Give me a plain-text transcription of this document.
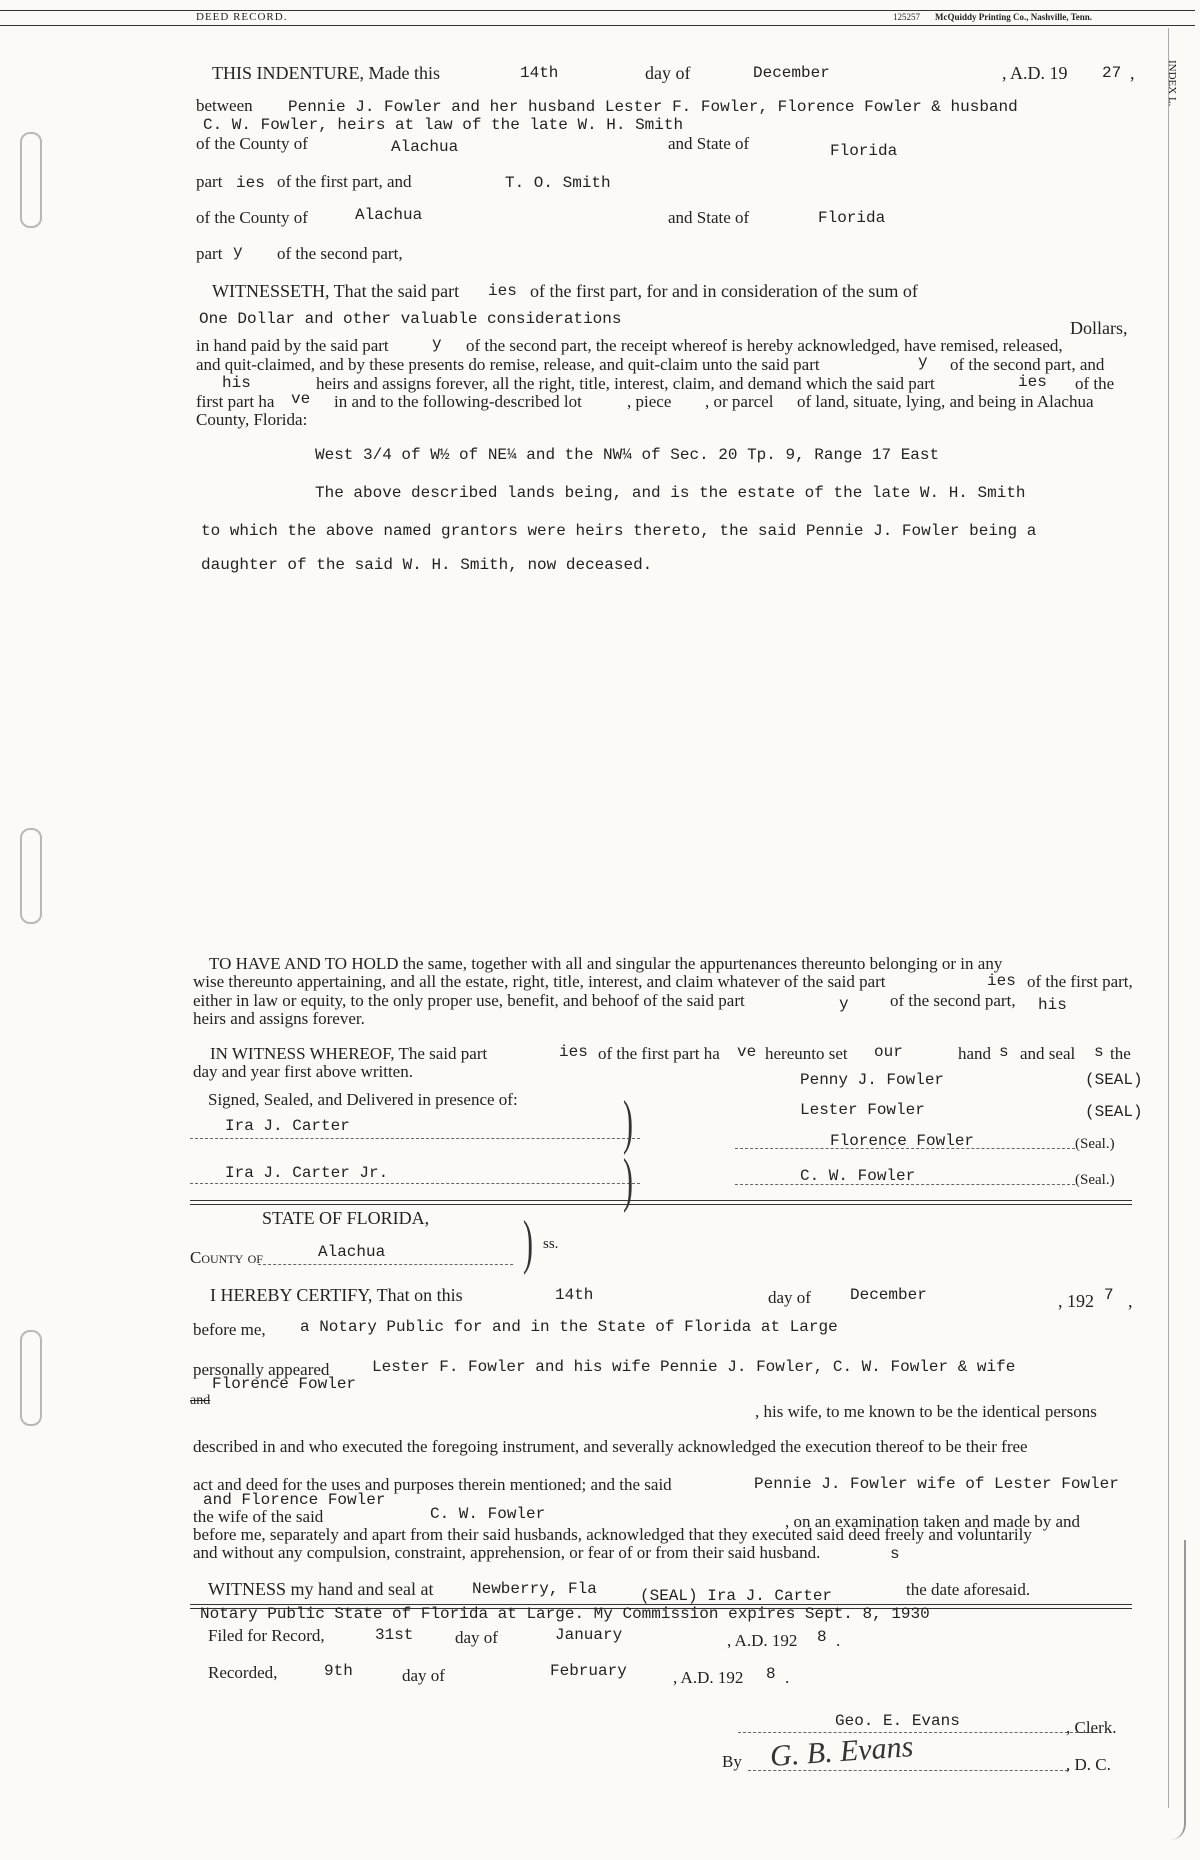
DEED RECORD.	125257 McQuiddy Printing Co., Nashville, Tenn.
INDEX L.
THIS INDENTURE, Made this	14th	day of	December	, A.D. 19 27 ,
between Pennie J. Fowler and her husband Lester F. Fowler, Florence Fowler & husband
C. W. Fowler, heirs at law of the late W. H. Smith
of the County of	Alachua	and State of	Florida
part ies of the first part, and	T. O. Smith
of the County of	Alachua	and State of	Florida
part y of the second part,
WITNESSETH, That the said part ies of the first part, for and in consideration of the sum of
One Dollar and other valuable considerations	Dollars,
in hand paid by the said part	y of the second part, the receipt whereof is hereby acknowledged, have remised, released,
and quit-claimed, and by these presents do remise, release, and quit-claim unto the said part	y of the second part, and
his	heirs and assigns forever, all the right, title, interest, claim, and demand which the said part	ies of the
first part ha ve in and to the following-described lot	, piece , or parcel of land, situate, lying, and being in Alachua
County, Florida:
West 3/4 of W½ of NE¼ and the NW¼ of Sec. 20 Tp. 9, Range 17 East
The above described lands being, and is the estate of the late W. H. Smith
to which the above named grantors were heirs thereto, the said Pennie J. Fowler being a
daughter of the said W. H. Smith, now deceased.
TO HAVE AND TO HOLD the same, together with all and singular the appurtenances thereunto belonging or in any
wise thereunto appertaining, and all the estate, right, title, interest, and claim whatever of the said part	ies of the first part,
either in law or equity, to the only proper use, benefit, and behoof of the said part	y of the second part, his
heirs and assigns forever.
IN WITNESS WHEREOF, The said part	ies of the first part ha ve hereunto set our	hand s and seal s the
day and year first above written.
Signed, Sealed, and Delivered in presence of:
Ira J. Carter
Ira J. Carter Jr.
)
)
Penny J. Fowler	(SEAL)
Lester Fowler	(SEAL)
Florence Fowler	(Seal.)
C. W. Fowler	(Seal.)
STATE OF FLORIDA,
County of	Alachua ) ss.
I HEREBY CERTIFY, That on this	14th	day of December	, 192 7 ,
before me, a Notary Public for and in the State of Florida at Large
personally appeared	Lester F. Fowler and his wife Pennie J. Fowler, C. W. Fowler & wife
Florence Fowler
and
, his wife, to me known to be the identical persons
described in and who executed the foregoing instrument, and severally acknowledged the execution thereof to be their free
act and deed for the uses and purposes therein mentioned; and the said	Pennie J. Fowler wife of Lester Fowler
and Florence Fowler
the wife of the said	C. W. Fowler	, on an examination taken and made by and
before me, separately and apart from their said husbands, acknowledged that they executed said deed freely and voluntarily
and without any compulsion, constraint, apprehension, or fear of or from their said husband.	s
WITNESS my hand and seal at Newberry, Fla	(SEAL) Ira J. Carter	the date aforesaid.
Notary Public State of Florida at Large. My Commission expires Sept. 8, 1930
Filed for Record,	31st day of	January	, A.D. 192 8 .
Recorded,	9th	day of	February	, A.D. 192 8 .
Geo. E. Evans	, Clerk.
By G. B. Evans	, D. C.
